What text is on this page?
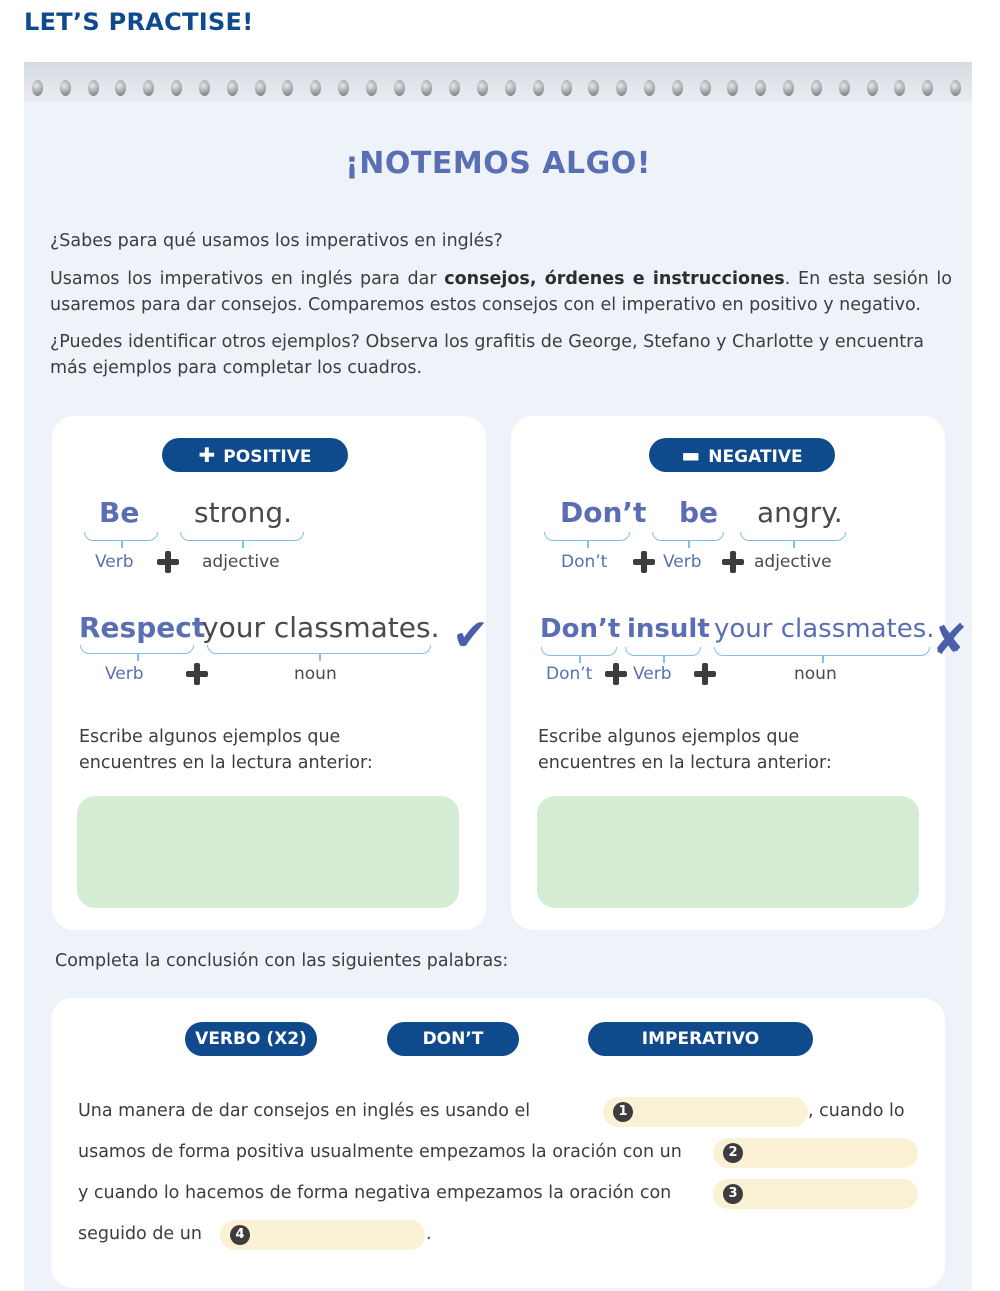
LET’S PRACTISE!
¡NOTEMOS ALGO!
¿Sabes para qué usamos los imperativos en inglés?
Usamos los imperativos en inglés para dar consejos, órdenes e instrucciones. En esta sesión lo usaremos para dar consejos. Comparemos estos consejos con el imperativo en positivo y negativo.
¿Puedes identificar otros ejemplos? Observa los grafitis de George, Stefano y Charlotte y encuentra más ejemplos para completar los cuadros.
✚ POSITIVE
Be strong.
Verb	adjective
Respect
your classmates.
Verb	noun
Escribe algunos ejemplos que
encuentres en la lectura anterior:
✔
▬ NEGATIVE
Don’t be angry.
Don’t	Verb	adjective
Don’t insult your classmates.
Don’t Verb	noun
Escribe algunos ejemplos que
encuentres en la lectura anterior:
✘
Completa la conclusión con las siguientes palabras:
VERBO (X2)	DON’T	IMPERATIVO
Una manera de dar consejos en inglés es usando el	1	, cuando lo
usamos de forma positiva usualmente empezamos la oración con un	2
y cuando lo hacemos de forma negativa empezamos la oración con	3
seguido de un	4	.
